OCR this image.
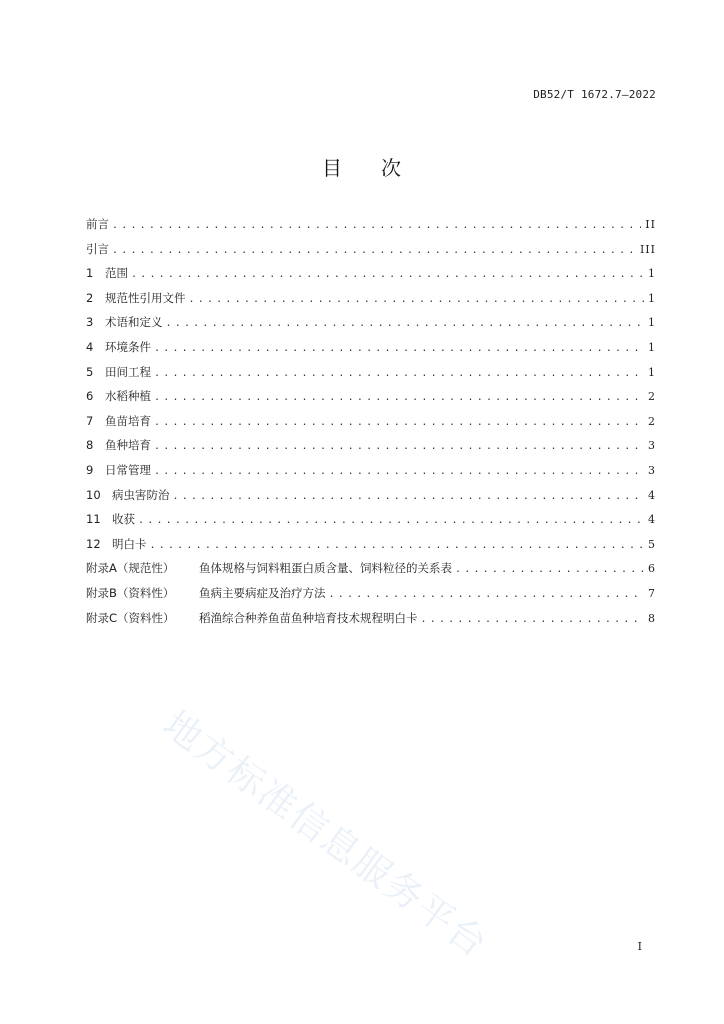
DB52/T 1672.7—2022
目 次
地方标准信息服务平台
前言 .....	II
引言 .....	III
1	范围 .....	1
2	规范性引用文件 .....	1
3	术语和定义 .....	1
4	环境条件 .....	1
5	田间工程 .....	1
6	水稻种植 .....	2
7	鱼苗培育 .....	2
8	鱼种培育 .....	3
9	日常管理 .....	3
10 病虫害防治 .....	4
11 收获 .....	4
12 明白卡 .....	5
附录A（规范性）	鱼体规格与饲料粗蛋白质含量、饲料粒径的关系表 .....	6
附录B（资料性）	鱼病主要病症及治疗方法 .....	7
附录C（资料性）	稻渔综合种养鱼苗鱼种培育技术规程明白卡 .....	8
I
